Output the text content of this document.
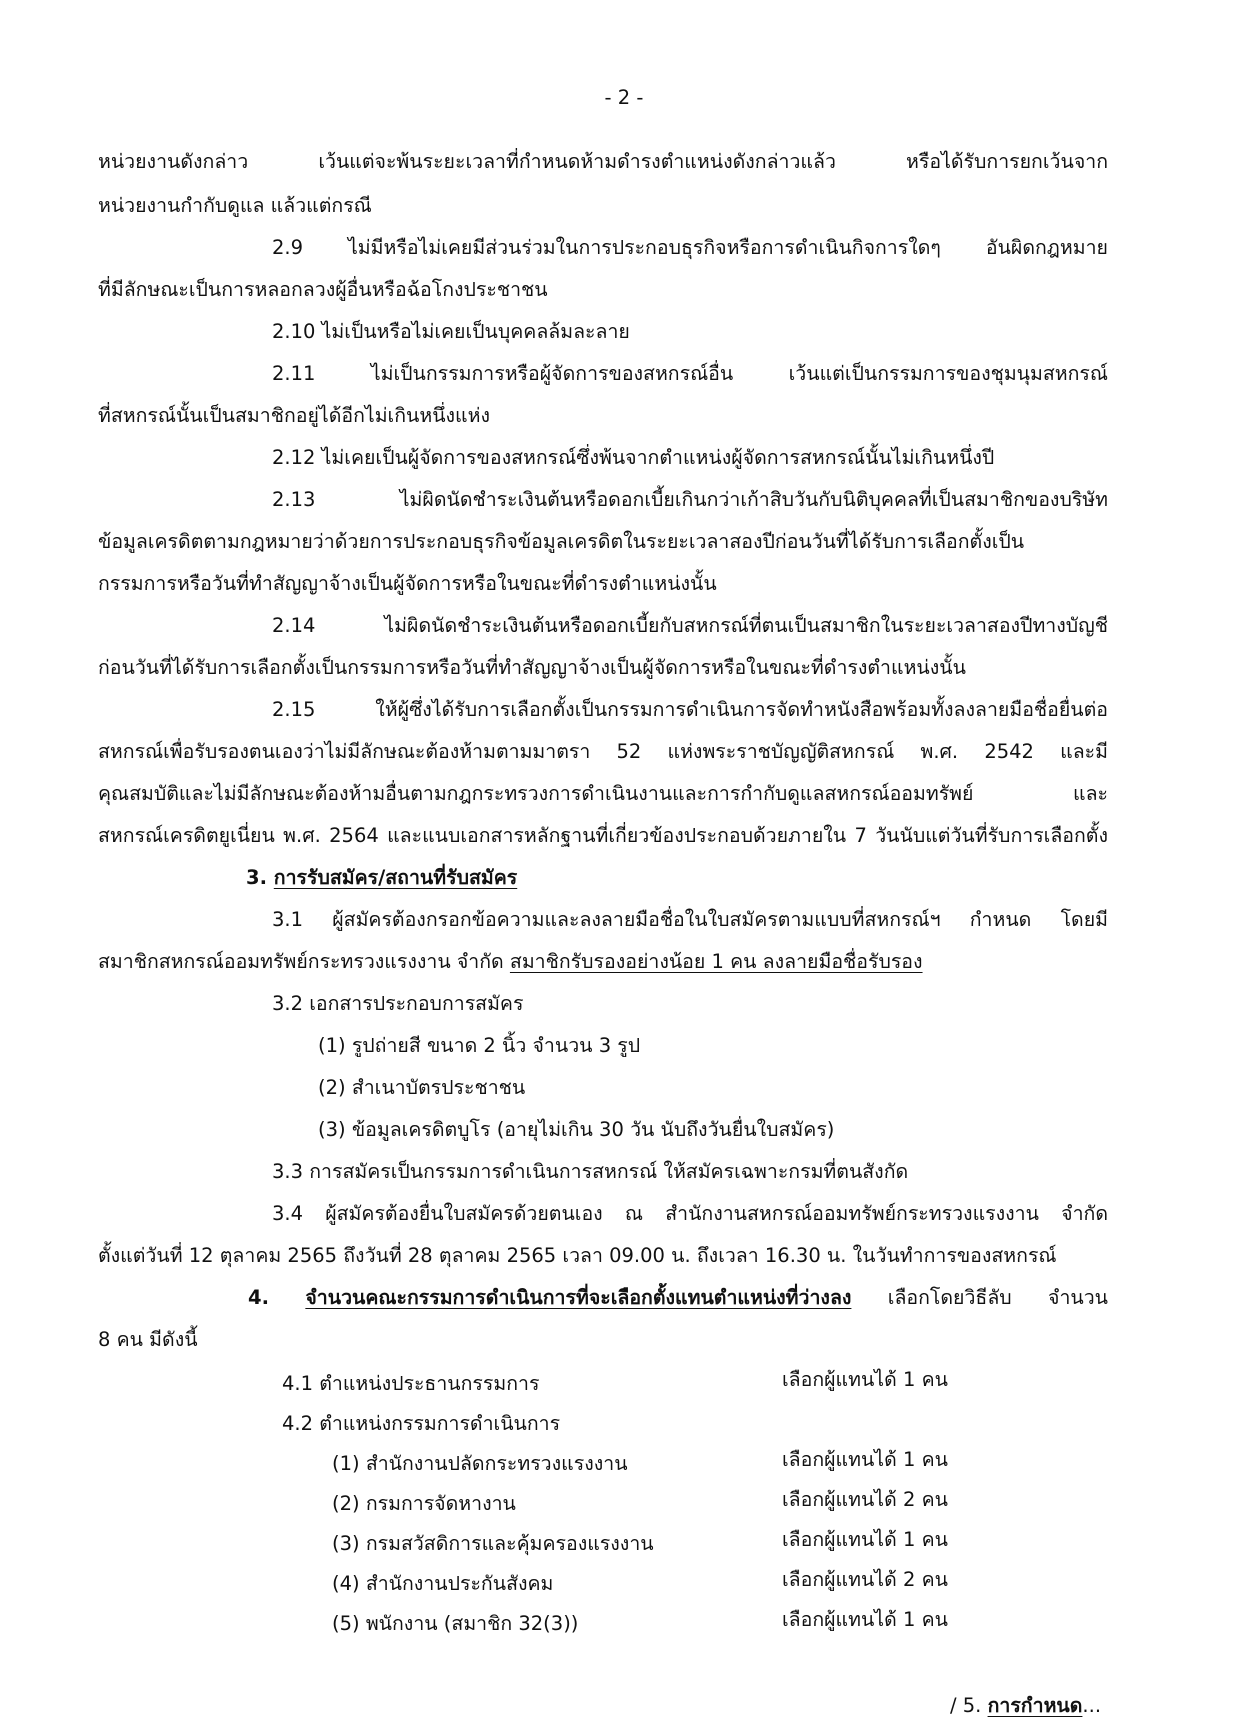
- 2 -
หน่วยงานดังกล่าว เว้นแต่จะพ้นระยะเวลาที่กำหนดห้ามดำรงตำแหน่งดังกล่าวแล้ว หรือได้รับการยกเว้นจาก
หน่วยงานกำกับดูแล แล้วแต่กรณี
2.9 ไม่มีหรือไม่เคยมีส่วนร่วมในการประกอบธุรกิจหรือการดำเนินกิจการใดๆ อันผิดกฎหมาย
ที่มีลักษณะเป็นการหลอกลวงผู้อื่นหรือฉ้อโกงประชาชน
2.10 ไม่เป็นหรือไม่เคยเป็นบุคคลล้มละลาย
2.11 ไม่เป็นกรรมการหรือผู้จัดการของสหกรณ์อื่น เว้นแต่เป็นกรรมการของชุมนุมสหกรณ์
ที่สหกรณ์นั้นเป็นสมาชิกอยู่ได้อีกไม่เกินหนึ่งแห่ง
2.12 ไม่เคยเป็นผู้จัดการของสหกรณ์ซึ่งพ้นจากตำแหน่งผู้จัดการสหกรณ์นั้นไม่เกินหนึ่งปี
2.13 ไม่ผิดนัดชำระเงินต้นหรือดอกเบี้ยเกินกว่าเก้าสิบวันกับนิติบุคคลที่เป็นสมาชิกของบริษัท
ข้อมูลเครดิตตามกฎหมายว่าด้วยการประกอบธุรกิจข้อมูลเครดิตในระยะเวลาสองปีก่อนวันที่ได้รับการเลือกตั้งเป็น
กรรมการหรือวันที่ทำสัญญาจ้างเป็นผู้จัดการหรือในขณะที่ดำรงตำแหน่งนั้น
2.14 ไม่ผิดนัดชำระเงินต้นหรือดอกเบี้ยกับสหกรณ์ที่ตนเป็นสมาชิกในระยะเวลาสองปีทางบัญชี
ก่อนวันที่ได้รับการเลือกตั้งเป็นกรรมการหรือวันที่ทำสัญญาจ้างเป็นผู้จัดการหรือในขณะที่ดำรงตำแหน่งนั้น
2.15 ให้ผู้ซึ่งได้รับการเลือกตั้งเป็นกรรมการดำเนินการจัดทำหนังสือพร้อมทั้งลงลายมือชื่อยื่นต่อ
สหกรณ์เพื่อรับรองตนเองว่าไม่มีลักษณะต้องห้ามตามมาตรา 52 แห่งพระราชบัญญัติสหกรณ์ พ.ศ. 2542 และมี
คุณสมบัติและไม่มีลักษณะต้องห้ามอื่นตามกฎกระทรวงการดำเนินงานและการกำกับดูแลสหกรณ์ออมทรัพย์ และ
สหกรณ์เครดิตยูเนี่ยน พ.ศ. 2564 และแนบเอกสารหลักฐานที่เกี่ยวข้องประกอบด้วยภายใน 7 วันนับแต่วันที่รับการเลือกตั้ง
3. การรับสมัคร/สถานที่รับสมัคร
3.1 ผู้สมัครต้องกรอกข้อความและลงลายมือชื่อในใบสมัครตามแบบที่สหกรณ์ฯ กำหนด โดยมี
สมาชิกสหกรณ์ออมทรัพย์กระทรวงแรงงาน จำกัด สมาชิกรับรองอย่างน้อย 1 คน ลงลายมือชื่อรับรอง
3.2 เอกสารประกอบการสมัคร
(1) รูปถ่ายสี ขนาด 2 นิ้ว จำนวน 3 รูป
(2) สำเนาบัตรประชาชน
(3) ข้อมูลเครดิตบูโร (อายุไม่เกิน 30 วัน นับถึงวันยื่นใบสมัคร)
3.3 การสมัครเป็นกรรมการดำเนินการสหกรณ์ ให้สมัครเฉพาะกรมที่ตนสังกัด
3.4 ผู้สมัครต้องยื่นใบสมัครด้วยตนเอง ณ สำนักงานสหกรณ์ออมทรัพย์กระทรวงแรงงาน จำกัด
ตั้งแต่วันที่ 12 ตุลาคม 2565 ถึงวันที่ 28 ตุลาคม 2565 เวลา 09.00 น. ถึงเวลา 16.30 น. ในวันทำการของสหกรณ์
4. จำนวนคณะกรรมการดำเนินการที่จะเลือกตั้งแทนตำแหน่งที่ว่างลง เลือกโดยวิธีลับ จำนวน
8 คน มีดังนี้
4.1 ตำแหน่งประธานกรรมการ	เลือกผู้แทนได้ 1 คน
4.2 ตำแหน่งกรรมการดำเนินการ
(1) สำนักงานปลัดกระทรวงแรงงาน	เลือกผู้แทนได้ 1 คน
(2) กรมการจัดหางาน	เลือกผู้แทนได้ 2 คน
(3) กรมสวัสดิการและคุ้มครองแรงงาน	เลือกผู้แทนได้ 1 คน
(4) สำนักงานประกันสังคม	เลือกผู้แทนได้ 2 คน
(5) พนักงาน (สมาชิก 32(3))	เลือกผู้แทนได้ 1 คน
/ 5. การกำหนด...
